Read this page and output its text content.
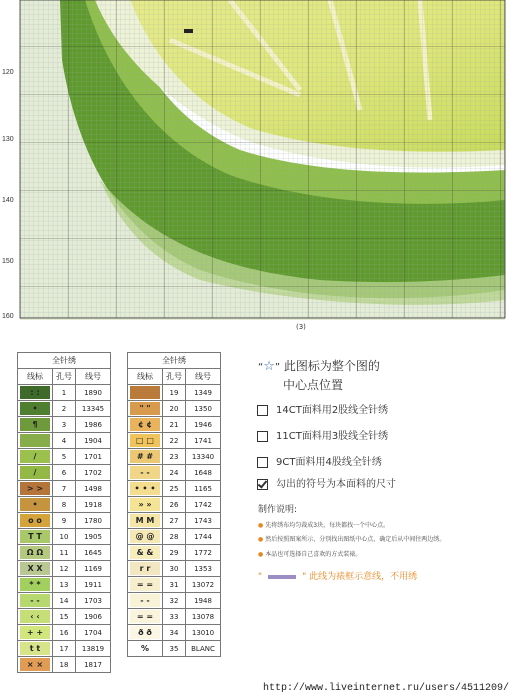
120
130
140
150
160
(3)
全针绣		
线标	孔号	线号

: :	1	1890

•	2	13345

¶	3	1986

	4	1904

/	5	1701

/	6	1702

> >	7	1498

•	8	1918

o o	9	1780

T T	10	1905

Ω Ω	11	1645

X X	12	1169

* *	13	1911

- -	14	1703

‹ ‹	15	1906

+ +	16	1704

t t	17	13819

× ×	18	1817
全针绣		
线标	孔号	线号

	19	1349

" "	20	1350

¢ ¢	21	1946

□ □	22	1741

# #	23	13340

- -	24	1648

• • •	25	1165

» »	26	1742

M M	27	1743

@ @	28	1744

& &	29	1772

r r	30	1353

= =	31	13072

- -	32	1948

= =	33	13078

ð ð	34	13010

%	35	BLANC
“☆” 此图标为整个图的
中心点位置
14CT面料用2股线全针绣
11CT面料用3股线全针绣
9CT面料用4股线全针绣
勾出的符号为本面料的尺寸
制作说明:
● 先将绣布均匀裁成3块，每块都找一个中心点。
● 然后按照图案所示，分别找出图纸中心点，确定后从中间往两边绣。
● 本品也可选择自己喜欢的方式装裱。
"	" 此线为裱框示意线，不用绣
http://www.liveinternet.ru/users/4511209/
